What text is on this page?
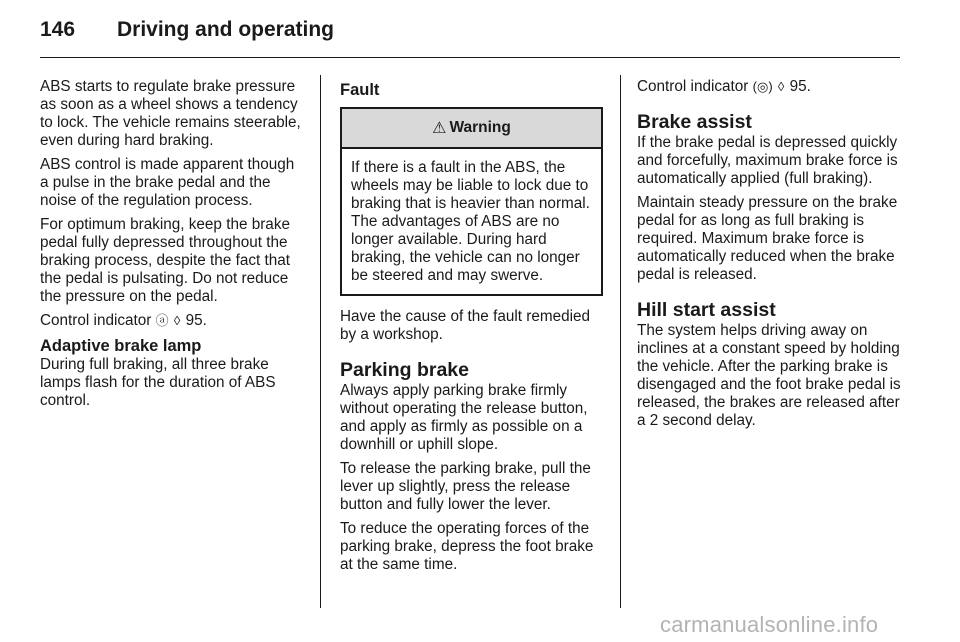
146 Driving and operating

ABS starts to regulate brake pressure as soon as a wheel shows a tendency to lock. The vehicle remains steerable, even during hard braking.

ABS control is made apparent though a pulse in the brake pedal and the noise of the regulation process.

For optimum braking, keep the brake pedal fully depressed throughout the braking process, despite the fact that the pedal is pulsating. Do not reduce the pressure on the pedal.

Control indicator ⓐ ◊ 95.

Adaptive brake lamp

During full braking, all three brake lamps flash for the duration of ABS control.

Fault
⚠ Warning

If there is a fault in the ABS, the wheels may be liable to lock due to braking that is heavier than normal. The advantages of ABS are no longer available. During hard braking, the vehicle can no longer be steered and may swerve.

Have the cause of the fault remedied by a workshop.

Parking brake

Always apply parking brake firmly without operating the release button, and apply as firmly as possible on a downhill or uphill slope.

To release the parking brake, pull the lever up slightly, press the release button and fully lower the lever.

To reduce the operating forces of the parking brake, depress the foot brake at the same time.

Control indicator (◎) ◊ 95.

Brake assist

If the brake pedal is depressed quickly and forcefully, maximum brake force is automatically applied (full braking).

Maintain steady pressure on the brake pedal for as long as full braking is required. Maximum brake force is automatically reduced when the brake pedal is released.

Hill start assist

The system helps driving away on inclines at a constant speed by holding the vehicle. After the parking brake is disengaged and the foot brake pedal is released, the brakes are released after a 2 second delay.

carmanualsonline.info
